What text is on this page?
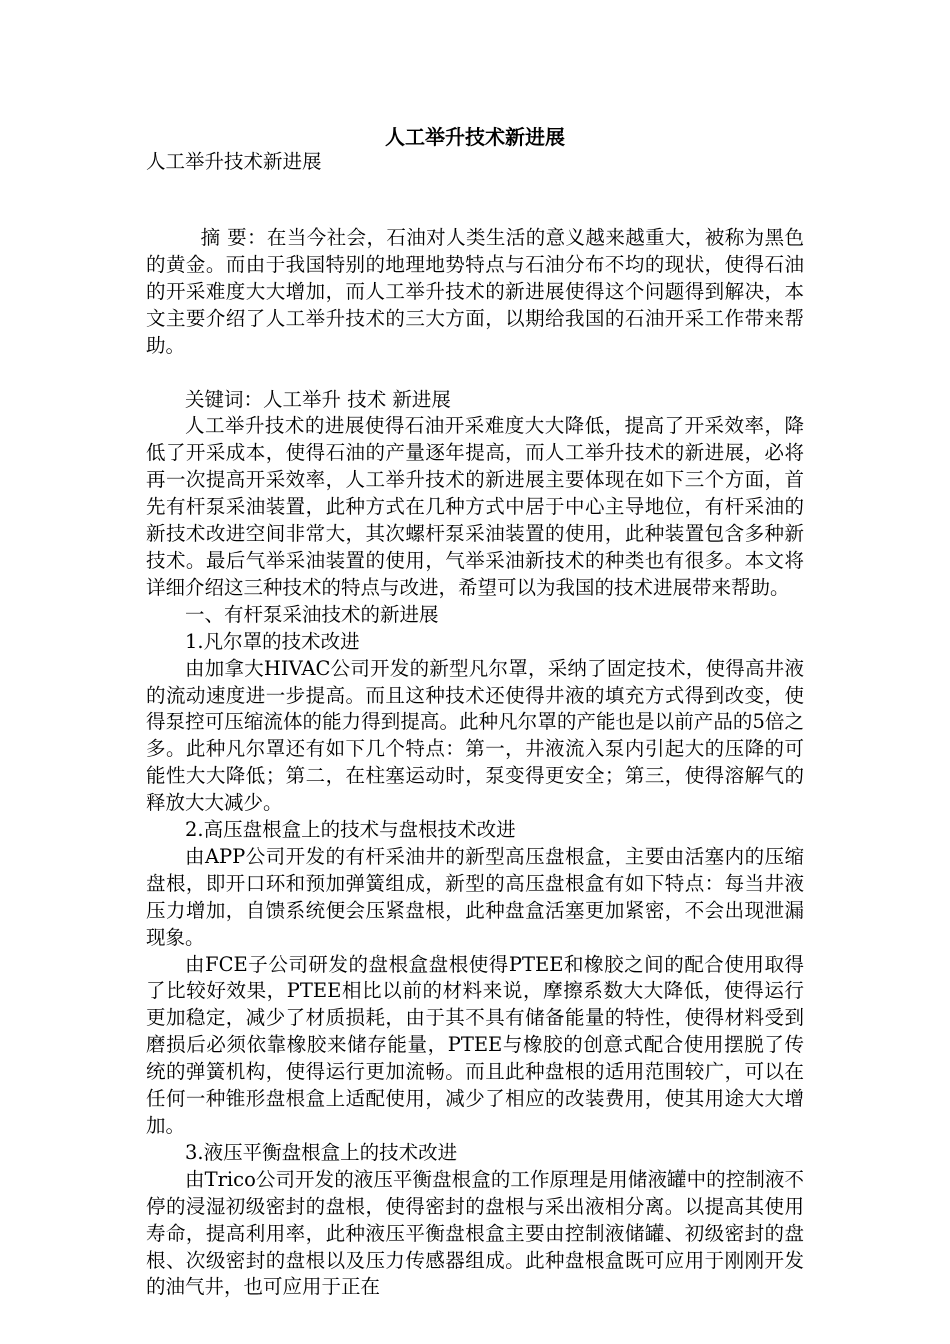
人工举升技术新进展
人工举升技术新进展

摘 要：在当今社会，石油对人类生活的意义越来越重大，被称为黑色的黄金。而由于我国特别的地理地势特点与石油分布不均的现状，使得石油的开采难度大大增加，而人工举升技术的新进展使得这个问题得到解决，本文主要介绍了人工举升技术的三大方面，以期给我国的石油开采工作带来帮助。

关键词：人工举升 技术 新进展

人工举升技术的进展使得石油开采难度大大降低，提高了开采效率，降低了开采成本，使得石油的产量逐年提高，而人工举升技术的新进展，必将再一次提高开采效率，人工举升技术的新进展主要体现在如下三个方面，首先有杆泵采油装置，此种方式在几种方式中居于中心主导地位，有杆采油的新技术改进空间非常大，其次螺杆泵采油装置的使用，此种装置包含多种新技术。最后气举采油装置的使用，气举采油新技术的种类也有很多。本文将详细介绍这三种技术的特点与改进，希望可以为我国的技术进展带来帮助。

一、有杆泵采油技术的新进展

1.凡尔罩的技术改进

由加拿大HIVAC公司开发的新型凡尔罩，采纳了固定技术，使得高井液的流动速度进一步提高。而且这种技术还使得井液的填充方式得到改变，使得泵控可压缩流体的能力得到提高。此种凡尔罩的产能也是以前产品的5倍之多。此种凡尔罩还有如下几个特点：第一，井液流入泵内引起大的压降的可能性大大降低；第二，在柱塞运动时，泵变得更安全；第三，使得溶解气的释放大大减少。

2.高压盘根盒上的技术与盘根技术改进

由APP公司开发的有杆采油井的新型高压盘根盒，主要由活塞内的压缩盘根，即开口环和预加弹簧组成，新型的高压盘根盒有如下特点：每当井液压力增加，自馈系统便会压紧盘根，此种盘盒活塞更加紧密，不会出现泄漏现象。

由FCE子公司研发的盘根盒盘根使得PTEE和橡胶之间的配合使用取得了比较好效果，PTEE相比以前的材料来说，摩擦系数大大降低，使得运行更加稳定，减少了材质损耗，由于其不具有储备能量的特性，使得材料受到磨损后必须依靠橡胶来储存能量，PTEE与橡胶的创意式配合使用摆脱了传统的弹簧机构，使得运行更加流畅。而且此种盘根的适用范围较广，可以在任何一种锥形盘根盒上适配使用，减少了相应的改装费用，使其用途大大增加。

3.液压平衡盘根盒上的技术改进

由Trico公司开发的液压平衡盘根盒的工作原理是用储液罐中的控制液不停的浸湿初级密封的盘根，使得密封的盘根与采出液相分离。以提高其使用寿命，提高利用率，此种液压平衡盘根盒主要由控制液储罐、初级密封的盘根、次级密封的盘根以及压力传感器组成。此种盘根盒既可应用于刚刚开发的油气井，也可应用于正在
